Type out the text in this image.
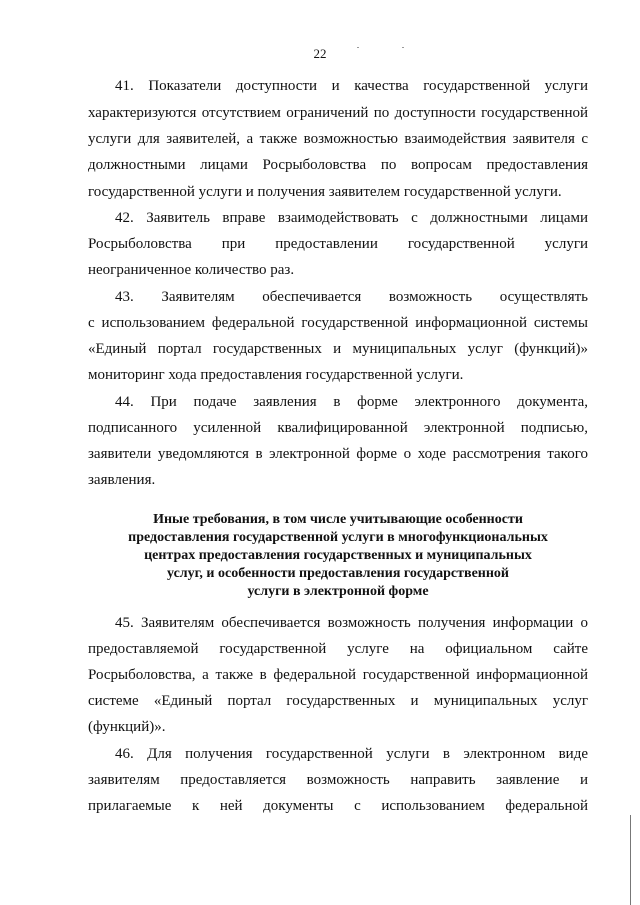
22
41. Показатели доступности и качества государственной услуги
характеризуются отсутствием ограничений по доступности государственной
услуги для заявителей, а также возможностью взаимодействия заявителя с
должностными лицами Росрыболовства по вопросам предоставления
государственной услуги и получения заявителем государственной услуги.
42. Заявитель вправе взаимодействовать с должностными лицами
Росрыболовства при предоставлении государственной услуги
неограниченное количество раз.
43. Заявителям обеспечивается возможность осуществлять
с использованием федеральной государственной информационной системы
«Единый портал государственных и муниципальных услуг (функций)»
мониторинг хода предоставления государственной услуги.
44. При подаче заявления в форме электронного документа,
подписанного усиленной квалифицированной электронной подписью,
заявители уведомляются в электронной форме о ходе рассмотрения такого
заявления.
Иные требования, в том числе учитывающие особенности
предоставления государственной услуги в многофункциональных
центрах предоставления государственных и муниципальных
услуг, и особенности предоставления государственной
услуги в электронной форме
45. Заявителям обеспечивается возможность получения информации о
предоставляемой государственной услуге на официальном сайте
Росрыболовства, а также в федеральной государственной информационной
системе «Единый портал государственных и муниципальных услуг
(функций)».
46. Для получения государственной услуги в электронном виде
заявителям предоставляется возможность направить заявление и
прилагаемые к ней документы с использованием федеральной
